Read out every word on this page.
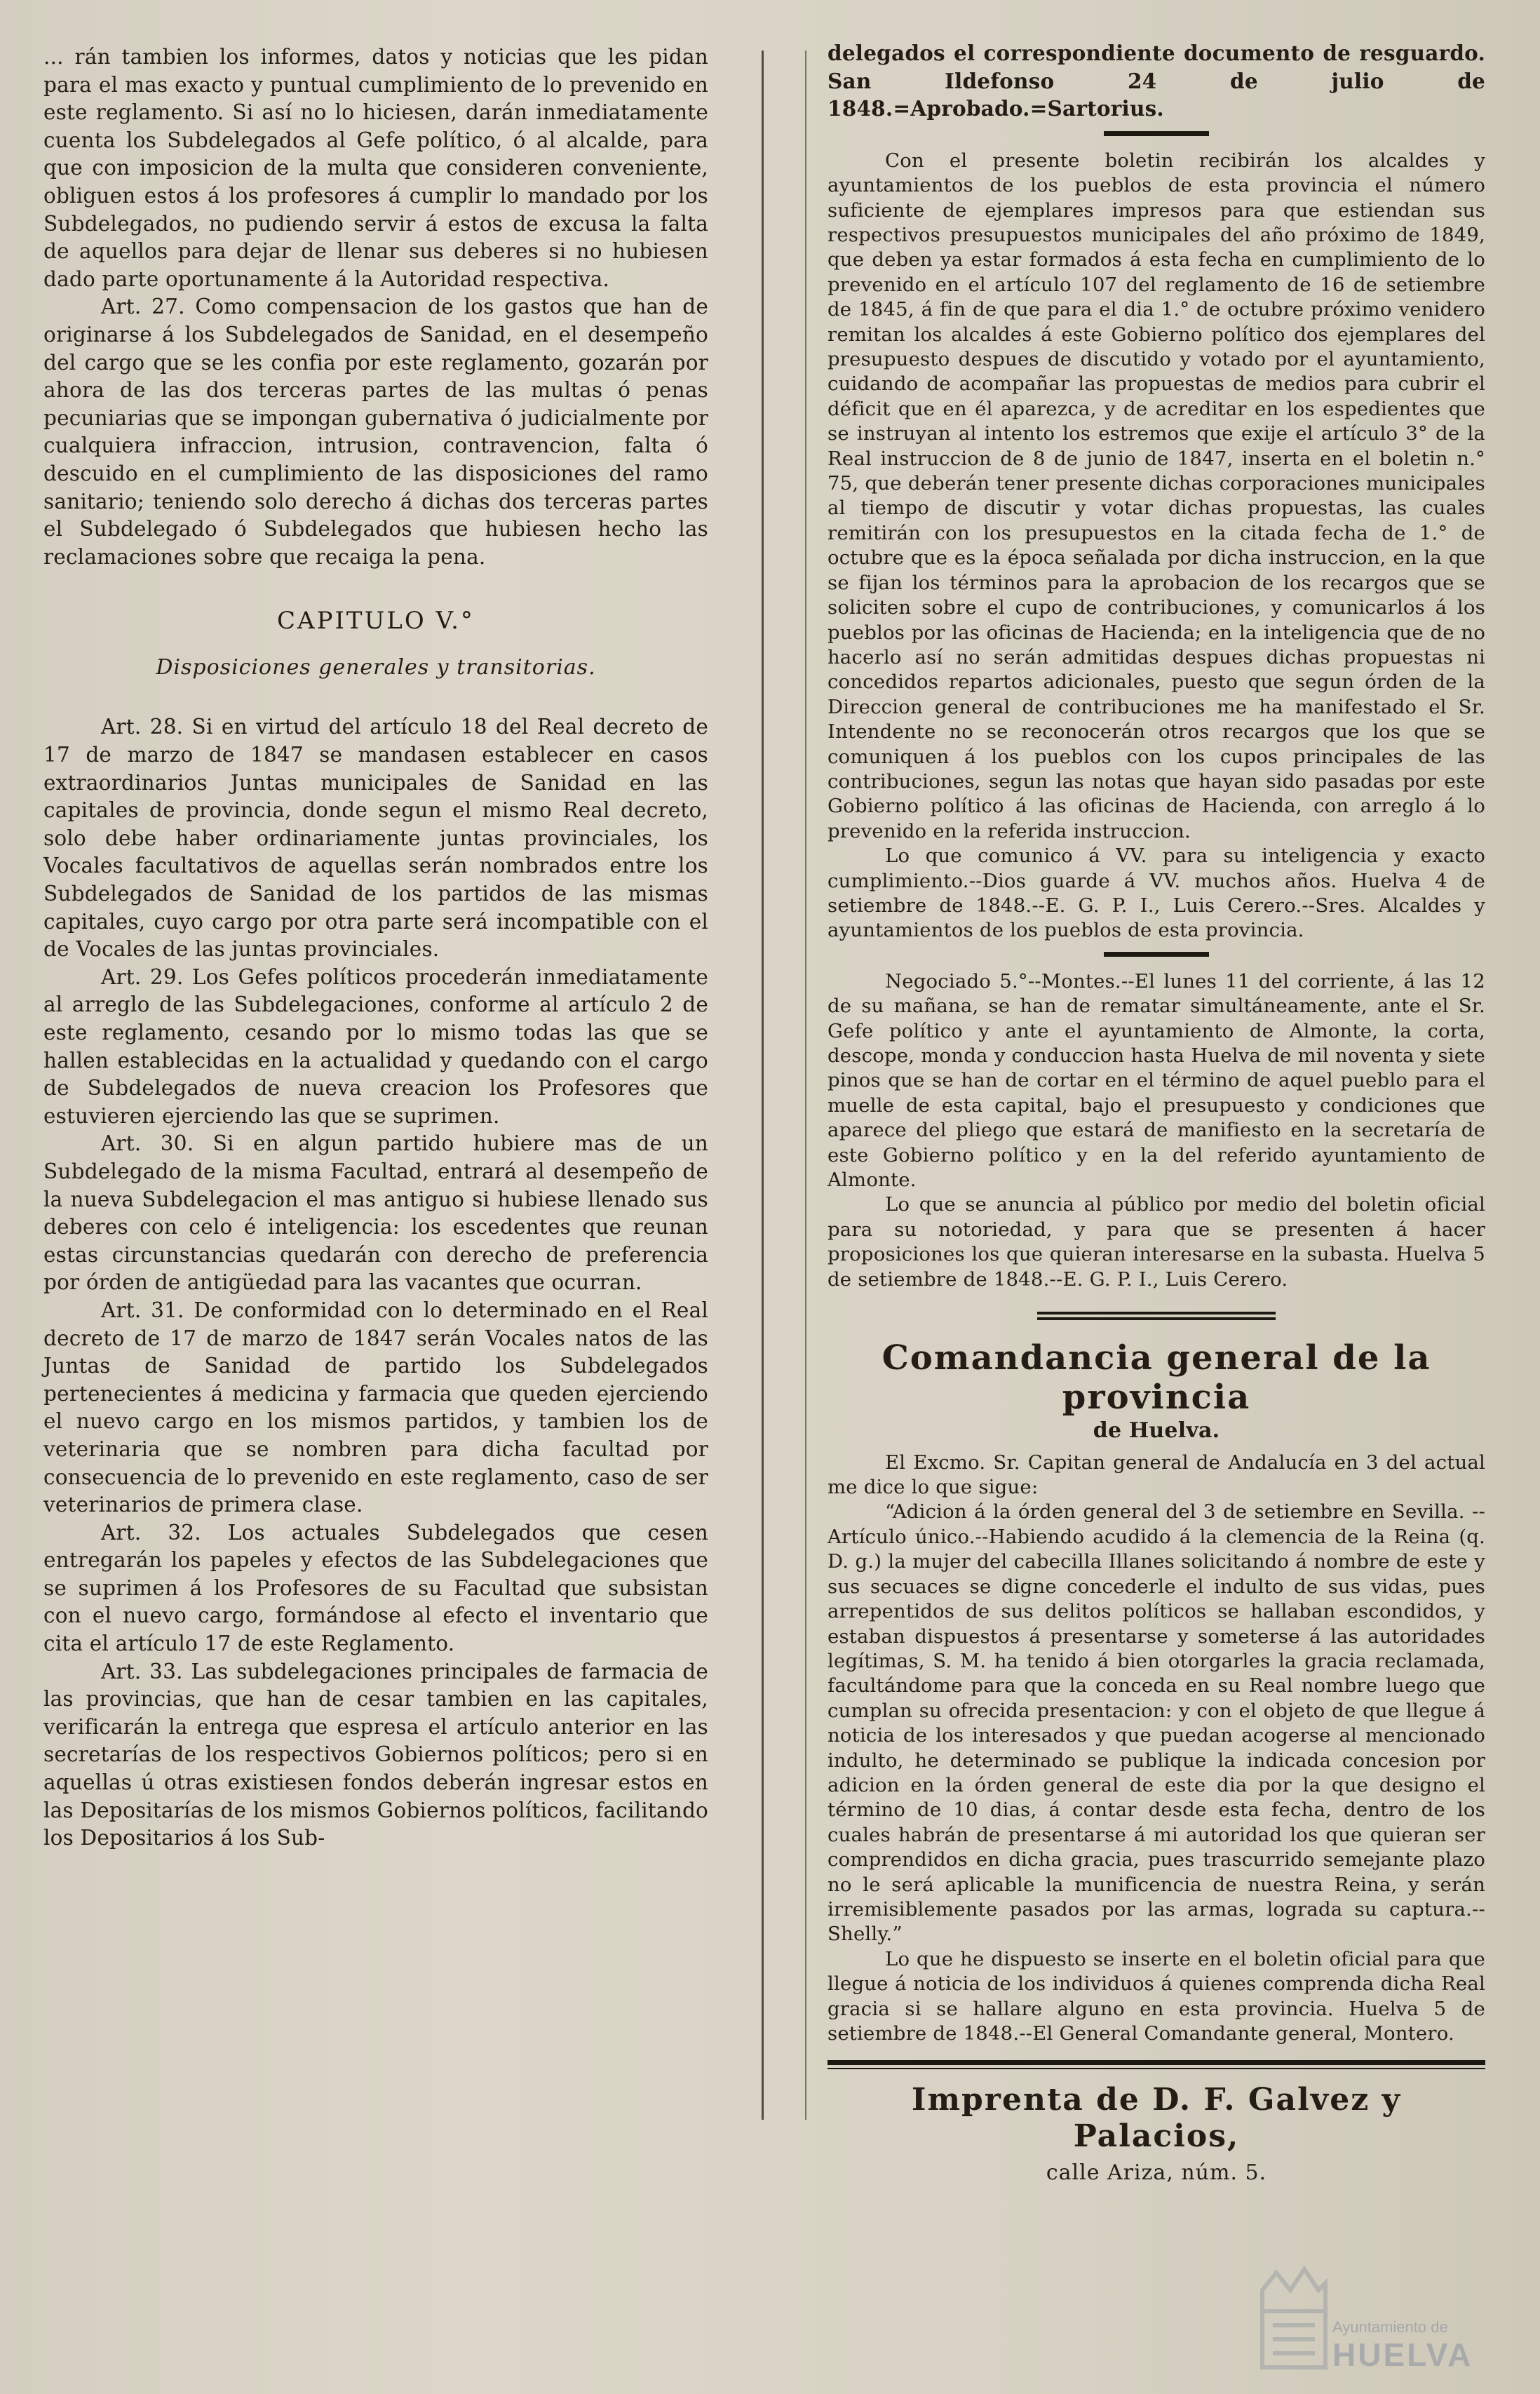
... rán tambien los informes, datos y noticias que les pidan para el mas exacto y puntual cumplimiento de lo prevenido en este reglamento. Si así no lo hiciesen, darán inmediatamente cuenta los Subdelegados al Gefe político, ó al alcalde, para que con imposicion de la multa que consideren conveniente, obliguen estos á los profesores á cumplir lo mandado por los Subdelegados, no pudiendo servir á estos de excusa la falta de aquellos para dejar de llenar sus deberes si no hubiesen dado parte oportunamente á la Autoridad respectiva.

Art. 27. Como compensacion de los gastos que han de originarse á los Subdelegados de Sanidad, en el desempeño del cargo que se les confia por este reglamento, gozarán por ahora de las dos terceras partes de las multas ó penas pecuniarias que se impongan gubernativa ó judicialmente por cualquiera infraccion, intrusion, contravencion, falta ó descuido en el cumplimiento de las disposiciones del ramo sanitario; teniendo solo derecho á dichas dos terceras partes el Subdelegado ó Subdelegados que hubiesen hecho las reclamaciones sobre que recaiga la pena.

CAPITULO V.°
Disposiciones generales y transitorias.

Art. 28. Si en virtud del artículo 18 del Real decreto de 17 de marzo de 1847 se mandasen establecer en casos extraordinarios Juntas municipales de Sanidad en las capitales de provincia, donde segun el mismo Real decreto, solo debe haber ordinariamente juntas provinciales, los Vocales facultativos de aquellas serán nombrados entre los Subdelegados de Sanidad de los partidos de las mismas capitales, cuyo cargo por otra parte será incompatible con el de Vocales de las juntas provinciales.

Art. 29. Los Gefes políticos procederán inmediatamente al arreglo de las Subdelegaciones, conforme al artículo 2 de este reglamento, cesando por lo mismo todas las que se hallen establecidas en la actualidad y quedando con el cargo de Subdelegados de nueva creacion los Profesores que estuvieren ejerciendo las que se suprimen.

Art. 30. Si en algun partido hubiere mas de un Subdelegado de la misma Facultad, entrará al desempeño de la nueva Subdelegacion el mas antiguo si hubiese llenado sus deberes con celo é inteligencia: los escedentes que reunan estas circunstancias quedarán con derecho de preferencia por órden de antigüedad para las vacantes que ocurran.

Art. 31. De conformidad con lo determinado en el Real decreto de 17 de marzo de 1847 serán Vocales natos de las Juntas de Sanidad de partido los Subdelegados pertenecientes á medicina y farmacia que queden ejerciendo el nuevo cargo en los mismos partidos, y tambien los de veterinaria que se nombren para dicha facultad por consecuencia de lo prevenido en este reglamento, caso de ser veterinarios de primera clase.

Art. 32. Los actuales Subdelegados que cesen entregarán los papeles y efectos de las Subdelegaciones que se suprimen á los Profesores de su Facultad que subsistan con el nuevo cargo, formándose al efecto el inventario que cita el artículo 17 de este Reglamento.

Art. 33. Las subdelegaciones principales de farmacia de las provincias, que han de cesar tambien en las capitales, verificarán la entrega que espresa el artículo anterior en las secretarías de los respectivos Gobiernos políticos; pero si en aquellas ú otras existiesen fondos deberán ingresar estos en las Depositarías de los mismos Gobiernos políticos, facilitando los Depositarios á los Sub-

delegados el correspondiente documento de resguardo. San Ildefonso 24 de julio de 1848.=Aprobado.=Sartorius.

Con el presente boletin recibirán los alcaldes y ayuntamientos de los pueblos de esta provincia el número suficiente de ejemplares impresos para que estiendan sus respectivos presupuestos municipales del año próximo de 1849, que deben ya estar formados á esta fecha en cumplimiento de lo prevenido en el artículo 107 del reglamento de 16 de setiembre de 1845, á fin de que para el dia 1.° de octubre próximo venidero remitan los alcaldes á este Gobierno político dos ejemplares del presupuesto despues de discutido y votado por el ayuntamiento, cuidando de acompañar las propuestas de medios para cubrir el déficit que en él aparezca, y de acreditar en los espedientes que se instruyan al intento los estremos que exije el artículo 3° de la Real instruccion de 8 de junio de 1847, inserta en el boletin n.° 75, que deberán tener presente dichas corporaciones municipales al tiempo de discutir y votar dichas propuestas, las cuales remitirán con los presupuestos en la citada fecha de 1.° de octubre que es la época señalada por dicha instruccion, en la que se fijan los términos para la aprobacion de los recargos que se soliciten sobre el cupo de contribuciones, y comunicarlos á los pueblos por las oficinas de Hacienda; en la inteligencia que de no hacerlo así no serán admitidas despues dichas propuestas ni concedidos repartos adicionales, puesto que segun órden de la Direccion general de contribuciones me ha manifestado el Sr. Intendente no se reconocerán otros recargos que los que se comuniquen á los pueblos con los cupos principales de las contribuciones, segun las notas que hayan sido pasadas por este Gobierno político á las oficinas de Hacienda, con arreglo á lo prevenido en la referida instruccion.

Lo que comunico á VV. para su inteligencia y exacto cumplimiento.--Dios guarde á VV. muchos años. Huelva 4 de setiembre de 1848.--E. G. P. I., Luis Cerero.--Sres. Alcaldes y ayuntamientos de los pueblos de esta provincia.

Negociado 5.°--Montes.--El lunes 11 del corriente, á las 12 de su mañana, se han de rematar simultáneamente, ante el Sr. Gefe político y ante el ayuntamiento de Almonte, la corta, descope, monda y conduccion hasta Huelva de mil noventa y siete pinos que se han de cortar en el término de aquel pueblo para el muelle de esta capital, bajo el presupuesto y condiciones que aparece del pliego que estará de manifiesto en la secretaría de este Gobierno político y en la del referido ayuntamiento de Almonte.

Lo que se anuncia al público por medio del boletin oficial para su notoriedad, y para que se presenten á hacer proposiciones los que quieran interesarse en la subasta. Huelva 5 de setiembre de 1848.--E. G. P. I., Luis Cerero.

Comandancia general de la provincia
de Huelva.

El Excmo. Sr. Capitan general de Andalucía en 3 del actual me dice lo que sigue:

“Adicion á la órden general del 3 de setiembre en Sevilla. --Artículo único.--Habiendo acudido á la clemencia de la Reina (q. D. g.) la mujer del cabecilla Illanes solicitando á nombre de este y sus secuaces se digne concederle el indulto de sus vidas, pues arrepentidos de sus delitos políticos se hallaban escondidos, y estaban dispuestos á presentarse y someterse á las autoridades legítimas, S. M. ha tenido á bien otorgarles la gracia reclamada, facultándome para que la conceda en su Real nombre luego que cumplan su ofrecida presentacion: y con el objeto de que llegue á noticia de los interesados y que puedan acogerse al mencionado indulto, he determinado se publique la indicada concesion por adicion en la órden general de este dia por la que designo el término de 10 dias, á contar desde esta fecha, dentro de los cuales habrán de presentarse á mi autoridad los que quieran ser comprendidos en dicha gracia, pues trascurrido semejante plazo no le será aplicable la munificencia de nuestra Reina, y serán irremisiblemente pasados por las armas, lograda su captura.--Shelly.”

Lo que he dispuesto se inserte en el boletin oficial para que llegue á noticia de los individuos á quienes comprenda dicha Real gracia si se hallare alguno en esta provincia. Huelva 5 de setiembre de 1848.--El General Comandante general, Montero.

Imprenta de D. F. Galvez y Palacios,
calle Ariza, núm. 5.
Ayuntamiento de
HUELVA
